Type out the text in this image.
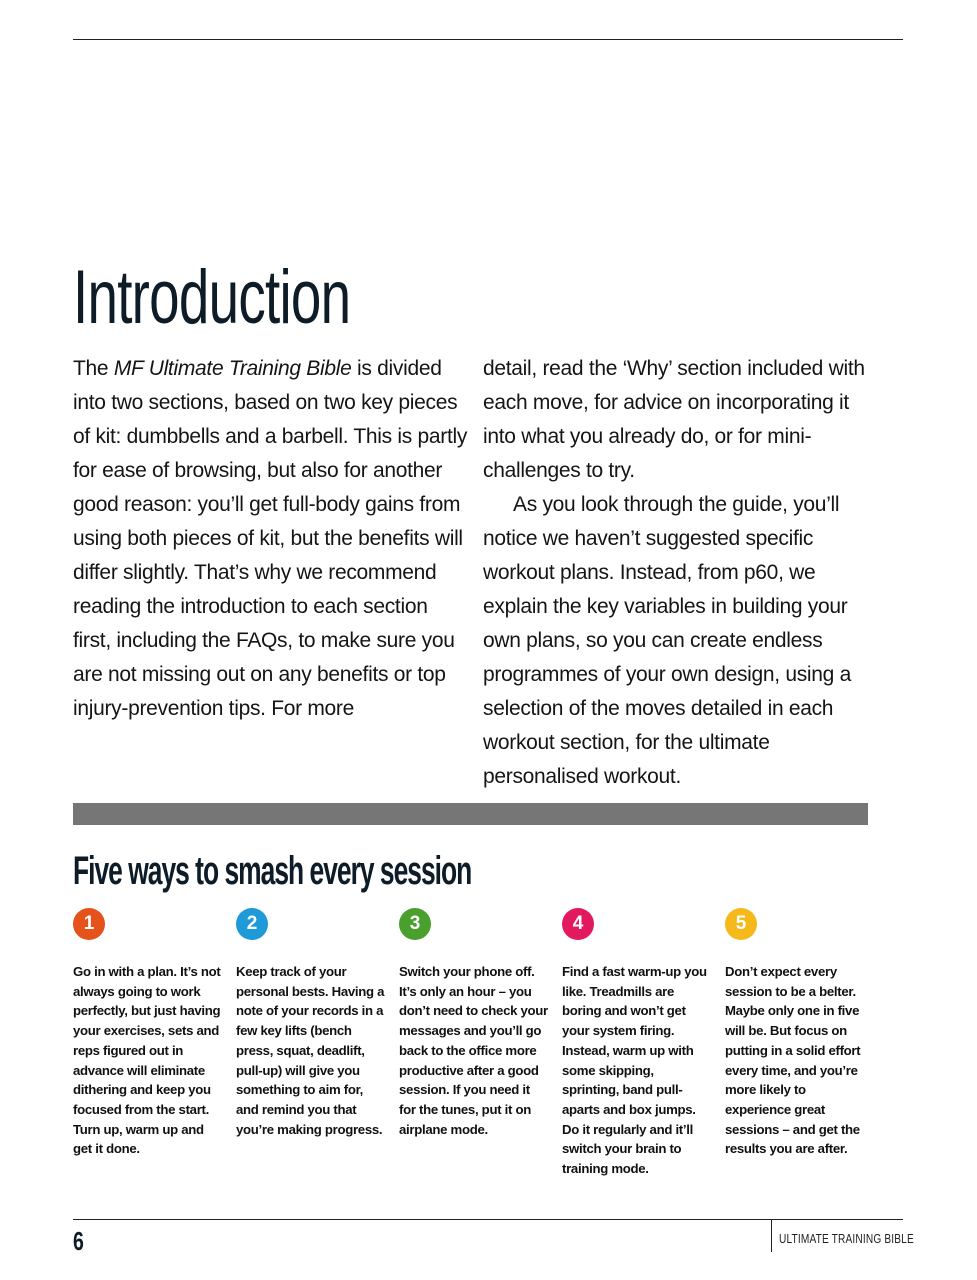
Introduction

The MF Ultimate Training Bible is divided into two sections, based on two key pieces of kit: dumbbells and a barbell. This is partly for ease of browsing, but also for another good reason: you’ll get full-body gains from using both pieces of kit, but the benefits will differ slightly. That’s why we recommend reading the introduction to each section first, including the FAQs, to make sure you are not missing out on any benefits or top injury-prevention tips. For more

detail, read the ‘Why’ section included with each move, for advice on incorporating it into what you already do, or for mini-challenges to try.

As you look through the guide, you’ll notice we haven’t suggested specific workout plans. Instead, from p60, we explain the key variables in building your own plans, so you can create endless programmes of your own design, using a selection of the moves detailed in each workout section, for the ultimate personalised workout.

Five ways to smash every session
1
Go in with a plan. It’s not always going to work perfectly, but just having your exercises, sets and reps figured out in advance will eliminate dithering and keep you focused from the start. Turn up, warm up and get it done.
2
Keep track of your personal bests. Having a note of your records in a few key lifts (bench press, squat, deadlift, pull-up) will give you something to aim for, and remind you that you’re making progress.
3
Switch your phone off. It’s only an hour – you don’t need to check your messages and you’ll go back to the office more productive after a good session. If you need it for the tunes, put it on airplane mode.
4
Find a fast warm-up you like. Treadmills are boring and won’t get your system firing. Instead, warm up with some skipping, sprinting, band pull-aparts and box jumps. Do it regularly and it’ll switch your brain to training mode.
5
Don’t expect every session to be a belter. Maybe only one in five will be. But focus on putting in a solid effort every time, and you’re more likely to experience great sessions – and get the results you are after.
6	ULTIMATE TRAINING BIBLE
